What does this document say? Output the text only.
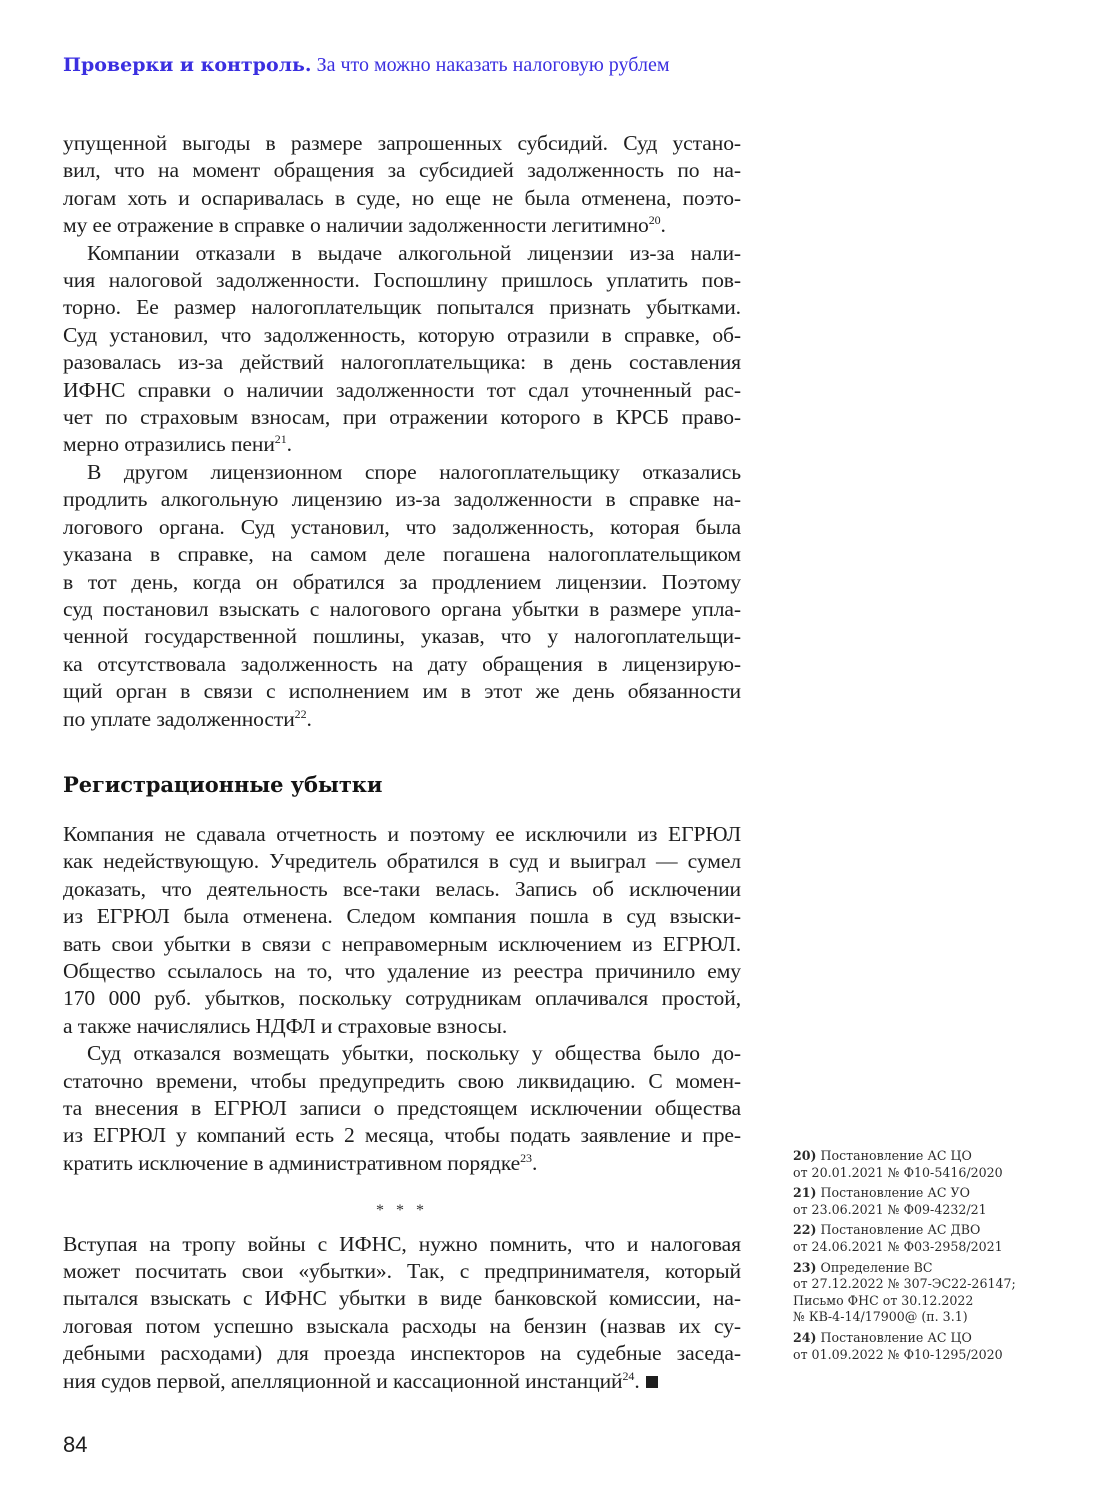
Проверки и контроль. За что можно наказать налоговую рублем

упущенной выгоды в размере запрошенных субсидий. Суд устано-
вил, что на момент обращения за субсидией задолженность по на-
логам хоть и оспаривалась в суде, но еще не была отменена, поэто-
му ее отражение в справке о наличии задолженности легитимно$^{20}$.

Компании отказали в выдаче алкогольной лицензии из-за нали-
чия налоговой задолженности. Госпошлину пришлось уплатить пов-
торно. Ее размер налогоплательщик попытался признать убытками.
Суд установил, что задолженность, которую отразили в справке, об-
разовалась из-за действий налогоплательщика: в день составления
ИФНС справки о наличии задолженности тот сдал уточненный рас-
чет по страховым взносам, при отражении которого в КРСБ право-
мерно отразились пени$^{21}$.

В другом лицензионном споре налогоплательщику отказались
продлить алкогольную лицензию из-за задолженности в справке на-
логового органа. Суд установил, что задолженность, которая была
указана в справке, на самом деле погашена налогоплательщиком
в тот день, когда он обратился за продлением лицензии. Поэтому
суд постановил взыскать с налогового органа убытки в размере упла-
ченной государственной пошлины, указав, что у налогоплательщи-
ка отсутствовала задолженность на дату обращения в лицензирую-
щий орган в связи с исполнением им в этот же день обязанности
по уплате задолженности$^{22}$.

Регистрационные убытки

Компания не сдавала отчетность и поэтому ее исключили из ЕГРЮЛ
как недействующую. Учредитель обратился в суд и выиграл — сумел
доказать, что деятельность все-таки велась. Запись об исключении
из ЕГРЮЛ была отменена. Следом компания пошла в суд взыски-
вать свои убытки в связи с неправомерным исключением из ЕГРЮЛ.
Общество ссылалось на то, что удаление из реестра причинило ему
170 000 руб. убытков, поскольку сотрудникам оплачивался простой,
а также начислялись НДФЛ и страховые взносы.

Суд отказался возмещать убытки, поскольку у общества было до-
статочно времени, чтобы предупредить свою ликвидацию. С момен-
та внесения в ЕГРЮЛ записи о предстоящем исключении общества
из ЕГРЮЛ у компаний есть 2 месяца, чтобы подать заявление и пре-
кратить исключение в административном порядке$^{23}$.

* * *

Вступая на тропу войны с ИФНС, нужно помнить, что и налоговая
может посчитать свои «убытки». Так, с предпринимателя, который
пытался взыскать с ИФНС убытки в виде банковской комиссии, на-
логовая потом успешно взыскала расходы на бензин (назвав их су-
дебными расходами) для проезда инспекторов на судебные заседа-
ния судов первой, апелляционной и кассационной инстанций$^{24}$.

20) Постановление АС ЦО
от 20.01.2021 № Ф10-5416/2020
21) Постановление АС УО
от 23.06.2021 № Ф09-4232/21
22) Постановление АС ДВО
от 24.06.2021 № Ф03-2958/2021
23) Определение ВС
от 27.12.2022 № 307-ЭС22-26147;
Письмо ФНС от 30.12.2022
№ КВ-4-14/17900@ (п. 3.1)
24) Постановление АС ЦО
от 01.09.2022 № Ф10-1295/2020
84
